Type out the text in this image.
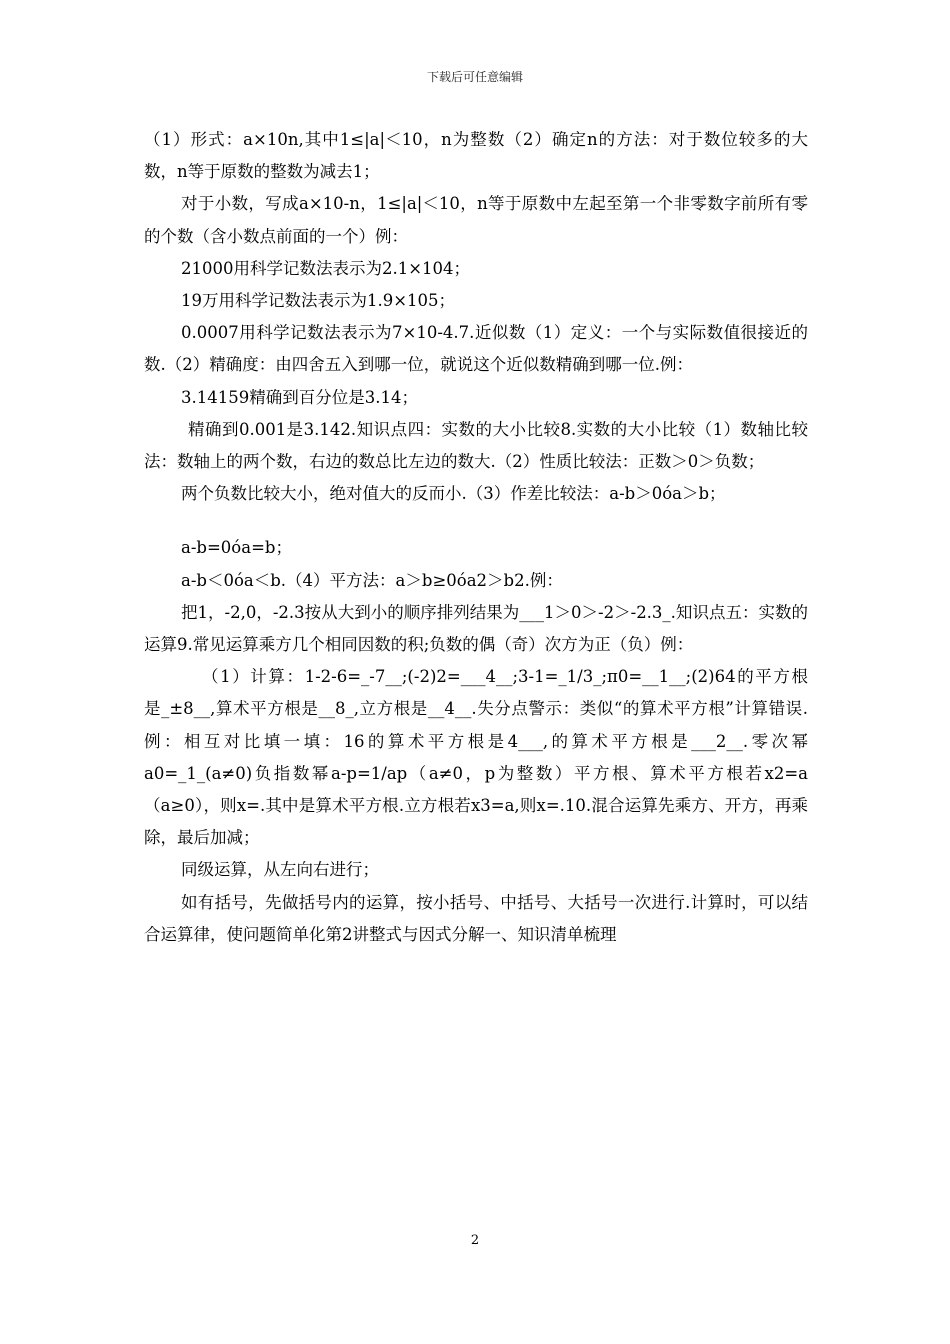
下载后可任意编辑

（1）形式：a×10n,其中1≤|a|＜10，n为整数（2）确定n的方法：对于数位较多的大数，n等于原数的整数为减去1；

对于小数，写成a×10-n，1≤|a|＜10，n等于原数中左起至第一个非零数字前所有零的个数（含小数点前面的一个）例：

21000用科学记数法表示为2.1×104；

19万用科学记数法表示为1.9×105；

0.0007用科学记数法表示为7×10-4.7.近似数（1）定义：一个与实际数值很接近的数.（2）精确度：由四舍五入到哪一位，就说这个近似数精确到哪一位.例：

3.14159精确到百分位是3.14；

精确到0.001是3.142.知识点四：实数的大小比较8.实数的大小比较（1）数轴比较法：数轴上的两个数，右边的数总比左边的数大.（2）性质比较法：正数＞0＞负数；

两个负数比较大小，绝对值大的反而小.（3）作差比较法：a-b＞0óa＞b；

a-b=0óa=b；

a-b＜0óa＜b.（4）平方法：a＞b≥0óa2＞b2.例：

把1，-2,0，-2.3按从大到小的顺序排列结果为___1＞0＞-2＞-2.3_.知识点五：实数的运算9.常见运算乘方几个相同因数的积;负数的偶（奇）次方为正（负）例：

（1）计算：1-2-6=_-7__;(-2)2=___4__;3-1=_1/3_;π0=__1__;(2)64的平方根是_±8__,算术平方根是__8_,立方根是__4__.失分点警示：类似“的算术平方根”计算错误.例：相互对比填一填：16的算术平方根是4___,的算术平方根是___2__.零次幂a0=_1_(a≠0)负指数幂a-p=1/ap（a≠0，p为整数）平方根、算术平方根若x2=a（a≥0），则x=.其中是算术平方根.立方根若x3=a,则x=.10.混合运算先乘方、开方，再乘除，最后加减；

同级运算，从左向右进行；

如有括号，先做括号内的运算，按小括号、中括号、大括号一次进行.计算时，可以结合运算律，使问题简单化第2讲整式与因式分解一、知识清单梳理

2
